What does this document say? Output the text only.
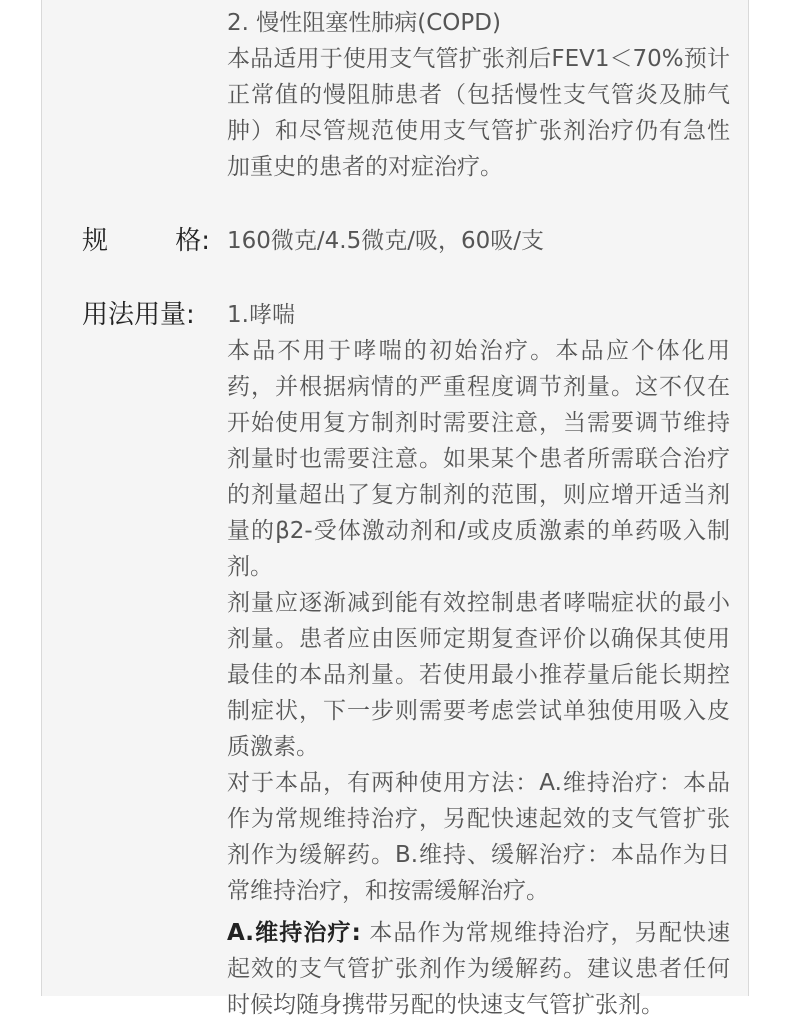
2. 慢性阻塞性肺病(COPD)

本品适用于使用支气管扩张剂后FEV1＜70%预计正常值的慢阻肺患者（包括慢性支气管炎及肺气肿）和尽管规范使用支气管扩张剂治疗仍有急性加重史的患者的对症治疗。

规	格: 160微克/4.5微克/吸，60吸/支

用法用量:	1.哮喘

本品不用于哮喘的初始治疗。本品应个体化用药，并根据病情的严重程度调节剂量。这不仅在开始使用复方制剂时需要注意，当需要调节维持剂量时也需要注意。如果某个患者所需联合治疗的剂量超出了复方制剂的范围，则应增开适当剂量的β2-受体激动剂和/或皮质激素的单药吸入制剂。

剂量应逐渐减到能有效控制患者哮喘症状的最小剂量。患者应由医师定期复查评价以确保其使用最佳的本品剂量。若使用最小推荐量后能长期控制症状，下一步则需要考虑尝试单独使用吸入皮质激素。

对于本品，有两种使用方法：A.维持治疗：本品作为常规维持治疗，另配快速起效的支气管扩张剂作为缓解药。B.维持、缓解治疗：本品作为日常维持治疗，和按需缓解治疗。

A.维持治疗: 本品作为常规维持治疗，另配快速起效的支气管扩张剂作为缓解药。建议患者任何时候均随身携带另配的快速支气管扩张剂。
